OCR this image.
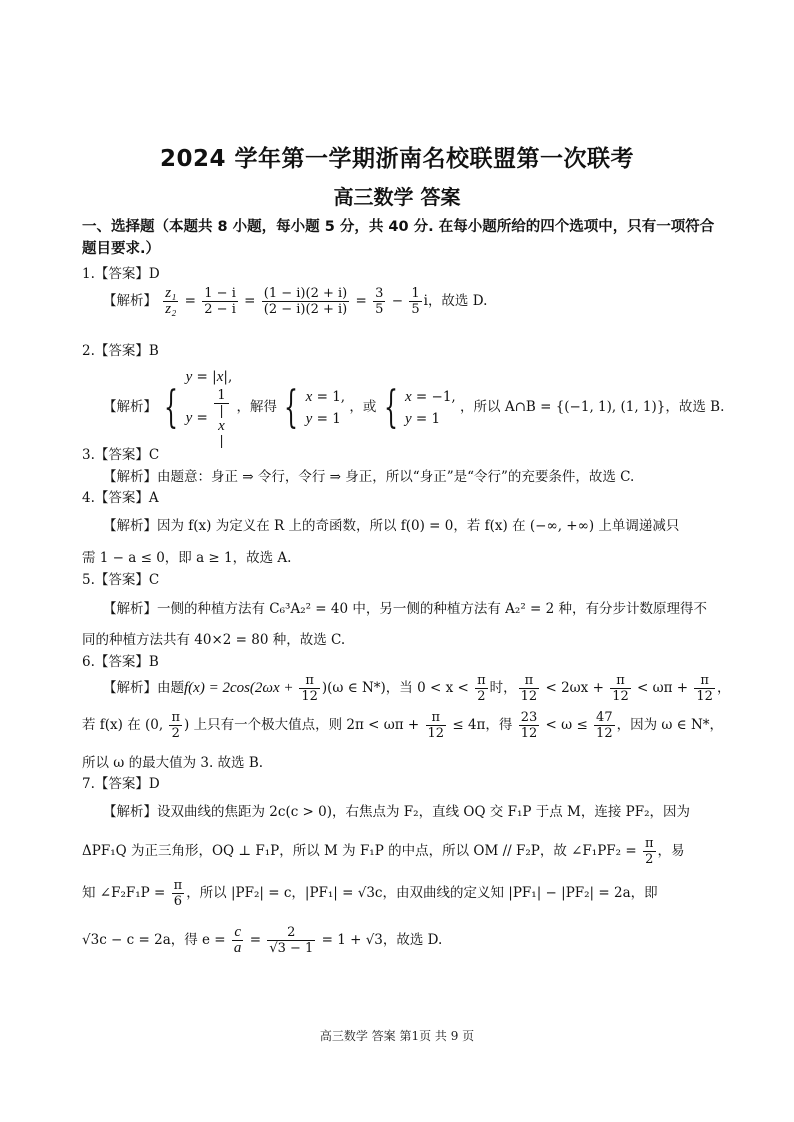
2024 学年第一学期浙南名校联盟第一次联考
高三数学 答案
一、选择题（本题共 8 小题，每小题 5 分，共 40 分. 在每小题所给的四个选项中，只有一项符合题目要求.）
1.【答案】D
【解析】 $\frac{\text{z₁}}{\text{z₂}} = \frac{1 - i}{2 - i} = \frac{(1 - i)(2 + i)}{(2 - i)(2 + i)} = \frac{3}{5} - \frac{1}{5}$ i，故选 D.
2.【答案】B
【解析】 {
y = |x|,
y = 1
|
x
| ，解得 { x = 1,
y = 1
，或 { x = −1,
y = 1
，所以 A∩B = {(−1, 1), (1, 1)}，故选 B.
3.【答案】C
【解析】由题意：身正 ⇒ 令行，令行 ⇒ 身正，所以“身正”是“令行”的充要条件，故选 C.
4.【答案】A
【解析】因为 f(x) 为定义在 R 上的奇函数，所以 f(0) = 0，若 f(x) 在 (−∞, +∞) 上单调递减只
需 1 − a ≤ 0，即 a ≥ 1，故选 A.
5.【答案】C
【解析】一侧的种植方法有 C₆³A₂² = 40 中，另一侧的种植方法有 A₂² = 2 种，有分步计数原理得不
同的种植方法共有 40×2 = 80 种，故选 C.
6.【答案】B
【解析】由题$f(x) = 2\cos(2\omega x + \frac{\pi}{12} )(\omega$ ∈ N*)，当 $0 < x < \frac{\pi}{2}$ 时， $\frac{\pi}{12} < 2\omega x + \frac{\pi}{12} < \omega\pi + \frac{\pi}{12}$ ，
若 f(x) 在 (0, $\frac{\pi}{2}$ ) 上只有一个极大值点，则 $2\pi < \omega\pi + \frac{\pi}{12} \le 4\pi$，得 $\frac{23}{12} < \omega \le \frac{47}{12}$ ，因为 ω ∈ N*，
所以 ω 的最大值为 3. 故选 B.
7.【答案】D
【解析】设双曲线的焦距为 2c(c > 0)，右焦点为 F₂，直线 OQ 交 F₁P 于点 M，连接 PF₂，因为
ΔPF₁Q 为正三角形，OQ ⊥ F₁P，所以 M 为 F₁P 的中点，所以 OM // F₂P，故 ∠F₁PF₂ = $\frac{\pi}{2}$ ，易
知 ∠F₂F₁P = $\frac{\pi}{6}$ ，所以 |PF₂| = c，|PF₁| = √3c，由双曲线的定义知 |PF₁| − |PF₂| = 2a，即
√3c − c = 2a，得 $e = \frac{c}{a} = \frac{2}{√3 - 1} = 1 + √3$，故选 D.
高三数学 答案 第1页 共 9 页
